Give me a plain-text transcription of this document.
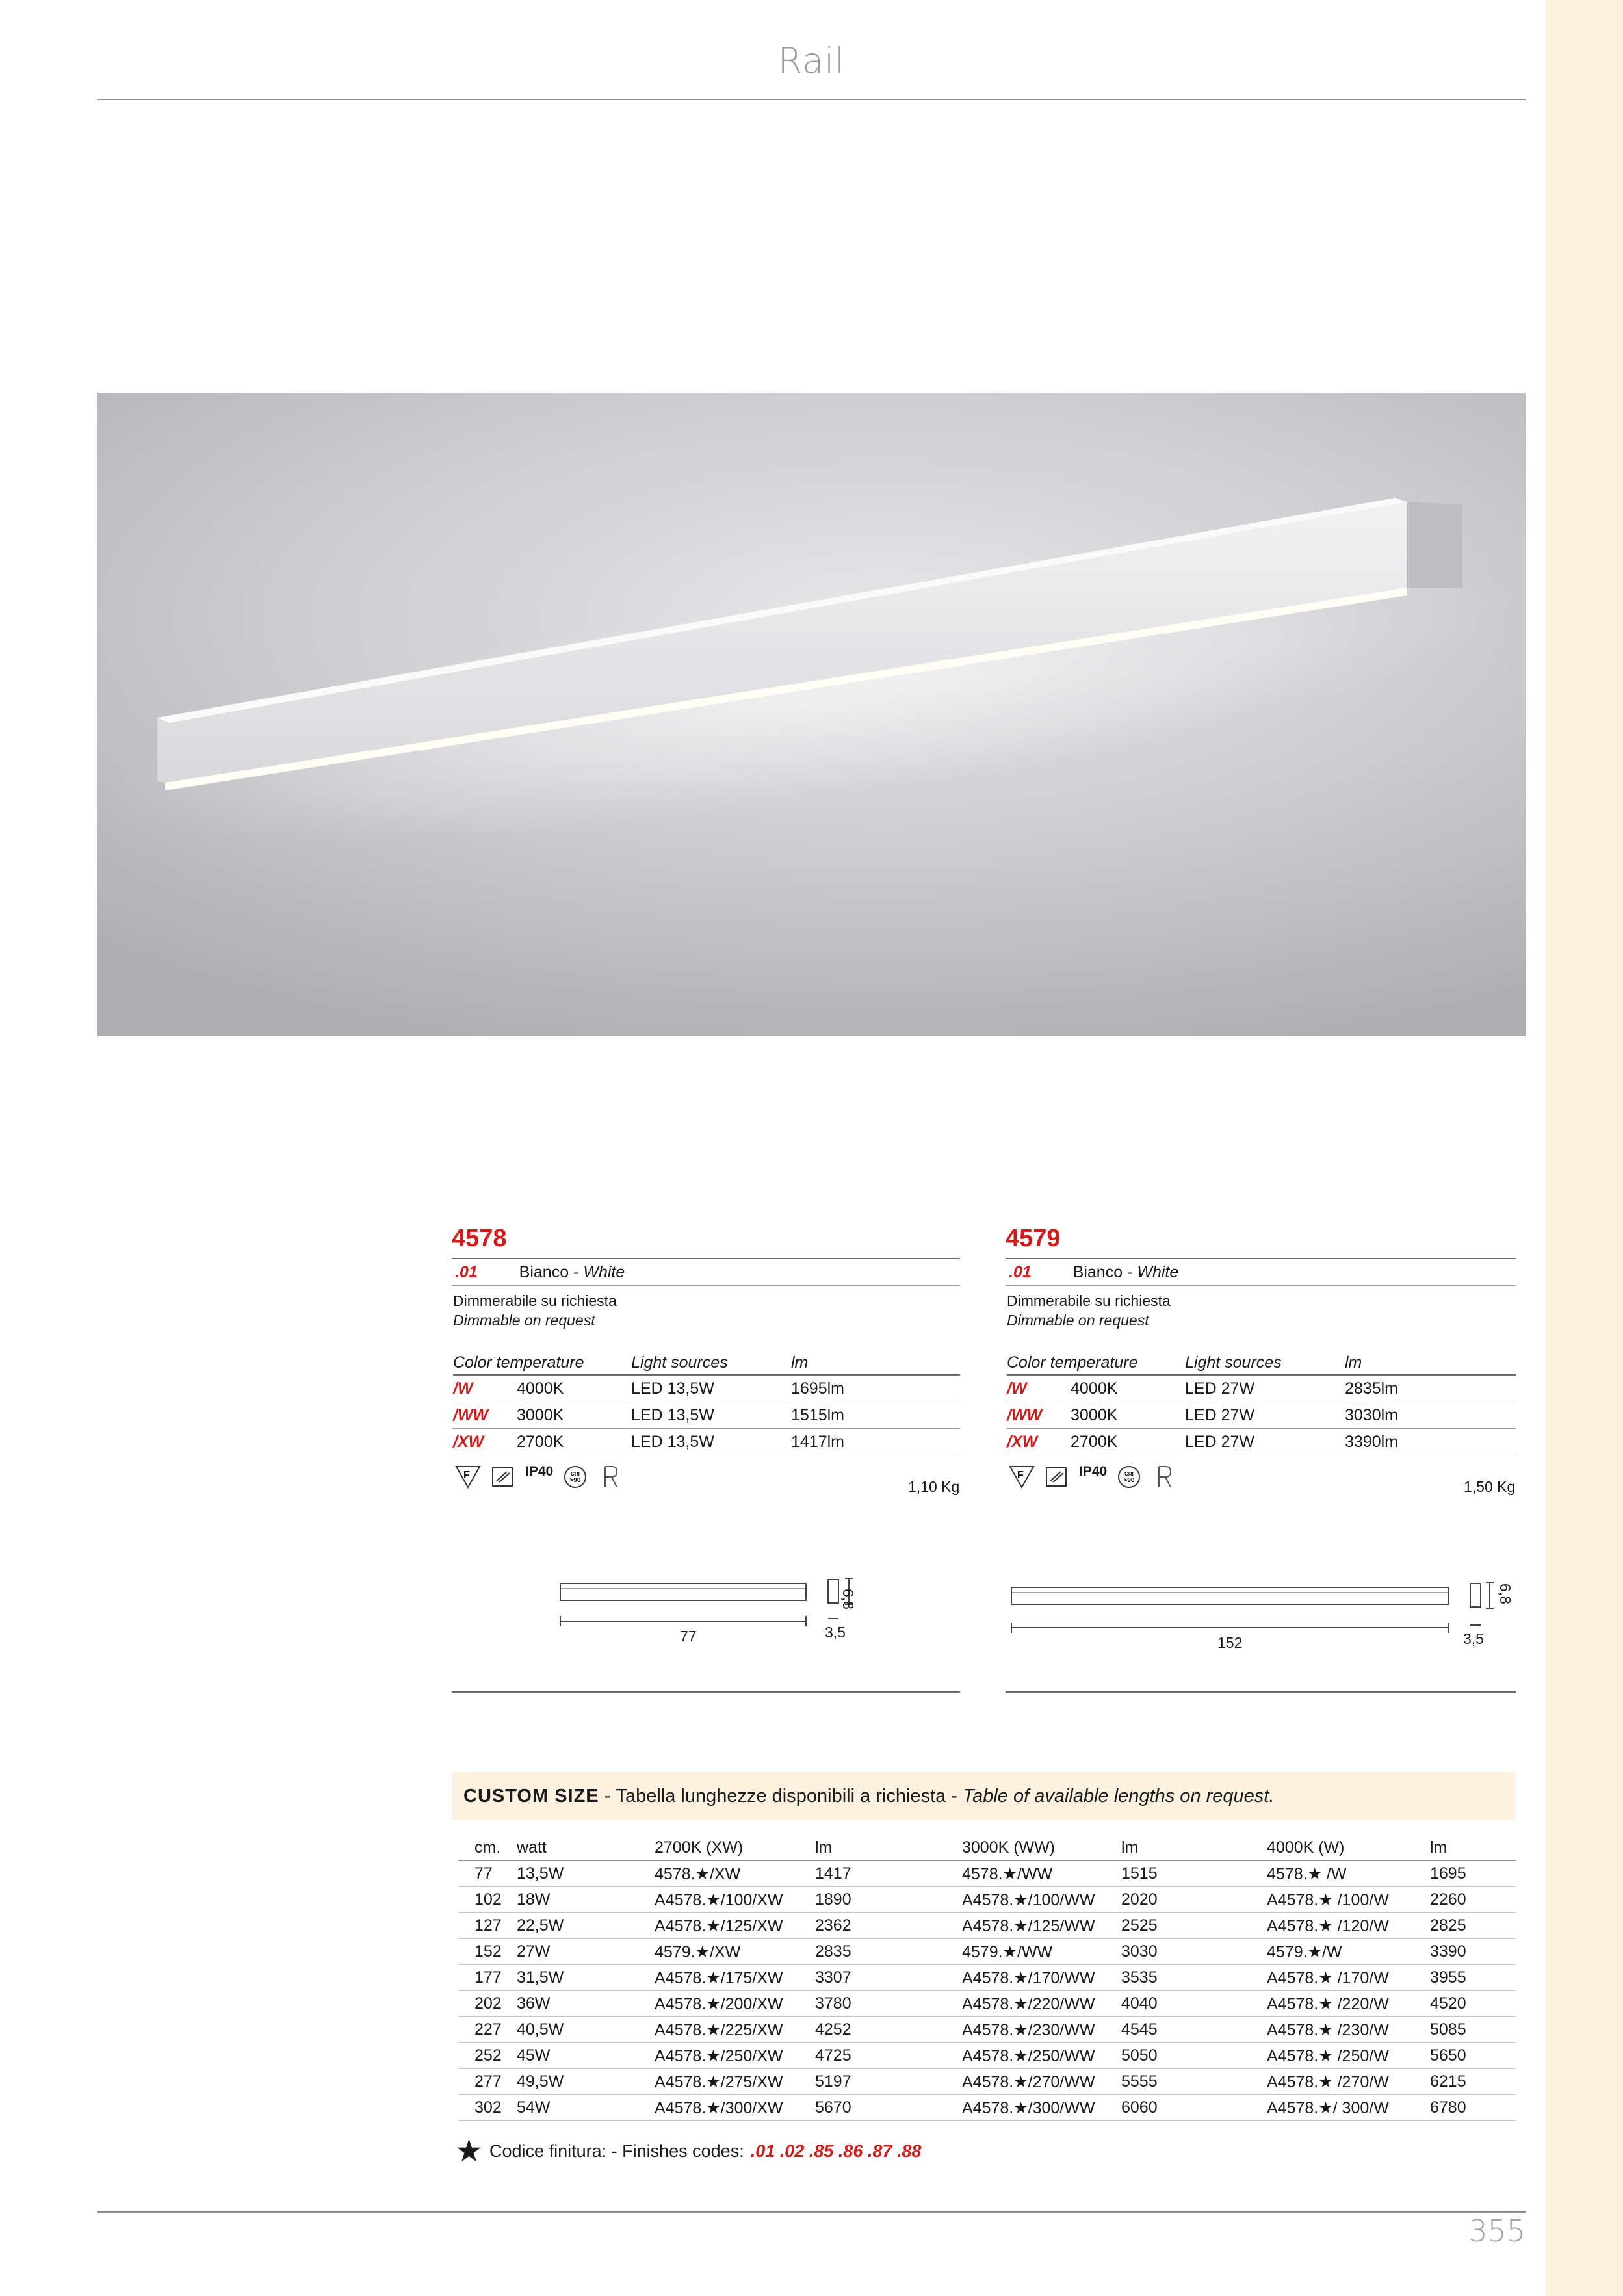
Rail
4578
.01	Bianco - White
Dimmerabile su richiesta
Dimmable on request
Color temperature	Light sources	lm
/W	4000K	LED 13,5W	1695lm
/WW	3000K	LED 13,5W	1515lm
/XW	2700K	LED 13,5W	1417lm
F	IP40	CRI
>90	1,10 Kg
77	3,5
6,8
4579
.01	Bianco - White
Dimmerabile su richiesta
Dimmable on request
Color temperature	Light sources	lm
/W	4000K	LED 27W	2835lm
/WW	3000K	LED 27W	3030lm
/XW	2700K	LED 27W	3390lm
F	IP40	CRI
>90	1,50 Kg
152	3,5
6,8
CUSTOM SIZE - Tabella lunghezze disponibili a richiesta - Table of available lengths on request.
cm.	watt	2700K (XW)	lm	3000K (WW)	lm	4000K (W)	lm
77	13,5W	4578.★/XW	1417	4578.★/WW	1515	4578.★ /W	1695
102	18W	A4578.★/100/XW	1890	A4578.★/100/WW	2020	A4578.★ /100/W	2260
127	22,5W	A4578.★/125/XW	2362	A4578.★/125/WW	2525	A4578.★ /120/W	2825
152	27W	4579.★/XW	2835	4579.★/WW	3030	4579.★/W	3390
177	31,5W	A4578.★/175/XW	3307	A4578.★/170/WW	3535	A4578.★ /170/W	3955
202	36W	A4578.★/200/XW	3780	A4578.★/220/WW	4040	A4578.★ /220/W	4520
227	40,5W	A4578.★/225/XW	4252	A4578.★/230/WW	4545	A4578.★ /230/W	5085
252	45W	A4578.★/250/XW	4725	A4578.★/250/WW	5050	A4578.★ /250/W	5650
277	49,5W	A4578.★/275/XW	5197	A4578.★/270/WW	5555	A4578.★ /270/W	6215
302	54W	A4578.★/300/XW	5670	A4578.★/300/WW	6060	A4578.★/ 300/W	6780
★ Codice finitura: - Finishes codes: .01 .02 .85 .86 .87 .88
355
